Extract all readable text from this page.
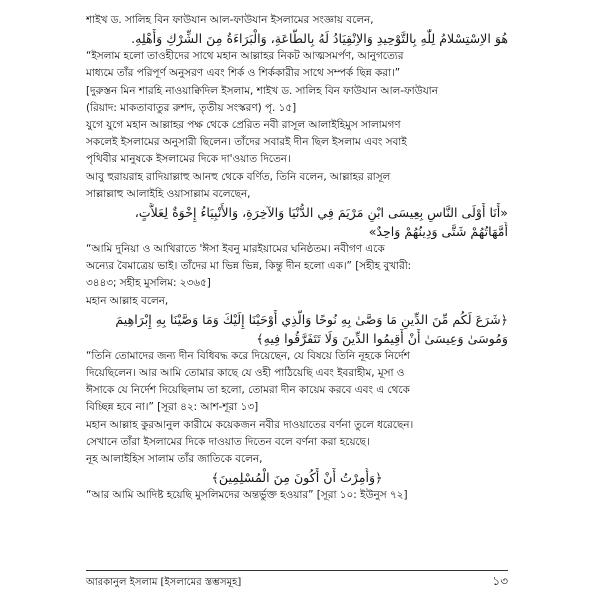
শাইখ ড. সালিহ বিন ফাউযান আল-ফাউযান ইসলামের সংজ্ঞায় বলেন,
هُوَ الاِسْتِسْلامُ لِلّٰهِ بِالتَّوْحِيدِ وَالاِنْقِيَادُ لَهُ بِالطَّاعَةِ، وَالْبَرَاءَةُ مِنَ الشِّرْكِ وَأَهْلِهِ.
“ইসলাম হলো তাওহীদের সাথে মহান আল্লাহর নিকট আত্মসমর্পণ, আনুগত্যের
মাধ্যমে তাঁর পরিপূর্ণ অনুসরণ এবং শির্ক ও শির্ককারীর সাথে সম্পর্ক ছিন্ন করা।”
[দুরুস্তন মিন শারহি নাওয়াক্বিদিল ইসলাম, শাইখ ড. সালিহ বিন ফাউযান আল-ফাউযান
(রিয়াদ: মাকতাবাতুর রুশদ, তৃতীয় সংস্করণ) পৃ. ১৫]
যুগে যুগে মহান আল্লাহর পক্ষ থেকে প্রেরিত নবী রাসূল আলাইহিমুস সালামগণ
সকলেই ইসলামের অনুসারী ছিলেন। তাঁদের সবারই দীন ছিল ইসলাম এবং সবাই
পৃথিবীর মানুষকে ইসলামের দিকে দা'ওয়াত দিতেন।
আবু হুরায়রাহ রাদিয়াল্লাহু আনহু থেকে বর্ণিত, তিনি বলেন, আল্লাহর রাসূল
সাল্লাল্লাহু আলাইহি ওয়াসাল্লাম বলেছেন,
«أَنَا أَوْلَى النَّاسِ بِعِيسَى ابْنِ مَرْيَمَ فِي الدُّنْيَا وَالآخِرَةِ، وَالأَنْبِيَاءُ إِخْوَةٌ لِعَلاَّتٍ،
أُمَّهَاتُهُمْ شَتَّى وَدِينُهُمْ وَاحِدٌ»
“আমি দুনিয়া ও আখিরাতে 'ঈসা ইবনু মারইয়ামের ঘনিষ্ঠতম। নবীগণ একে
অন্যের বৈমাত্রেয় ভাই। তাঁদের মা ভিন্ন ভিন্ন, কিন্তু দীন হলো এক।” [সহীহ বুখারী:
৩৪৪৩; সহীহ মুসলিম: ২৩৬৫]
মহান আল্লাহ বলেন,
﴿شَرَعَ لَكُم مِّنَ الدِّينِ مَا وَصَّىٰ بِهِ نُوحًا وَالَّذِي أَوْحَيْنَا إِلَيْكَ وَمَا وَصَّيْنَا بِهِ إِبْرَاهِيمَ
وَمُوسَىٰ وَعِيسَىٰ أَنْ أَقِيمُوا الدِّينَ وَلَا تَتَفَرَّقُوا فِيهِ﴾
“তিনি তোমাদের জন্য দীন বিধিবদ্ধ করে দিয়েছেন, যে বিষয়ে তিনি নূহকে নির্দেশ
দিয়েছিলেন। আর আমি তোমার কাছে যে ওহী পাঠিয়েছি এবং ইবরাহীম, মূসা ও
ঈসাকে যে নির্দেশ দিয়েছিলাম তা হলো, তোমরা দীন কায়েম করবে এবং এ থেকে
বিচ্ছিন্ন হবে না।” [সূরা ৪২: আশ-শূরা ১৩]
মহান আল্লাহ কুরআনুল কারীমে কয়েকজন নবীর দাওয়াতের বর্ণনা তুলে ধরেছেন।
সেখানে তাঁরা ইসলামের দিকে দাওয়াত দিতেন বলে বর্ণনা করা হয়েছে।
নূহ আলাইহিস সালাম তাঁর জাতিকে বলেন,
﴿وَأُمِرْتُ أَنْ أَكُونَ مِنَ الْمُسْلِمِينَ﴾
“আর আমি আদিষ্ট হয়েছি মুসলিমদের অন্তর্ভুক্ত হওয়ার” [সূরা ১০: ইউনুস ৭২]
আরকানুল ইসলাম [ইসলামের স্তম্ভসমূহ]	১৩
